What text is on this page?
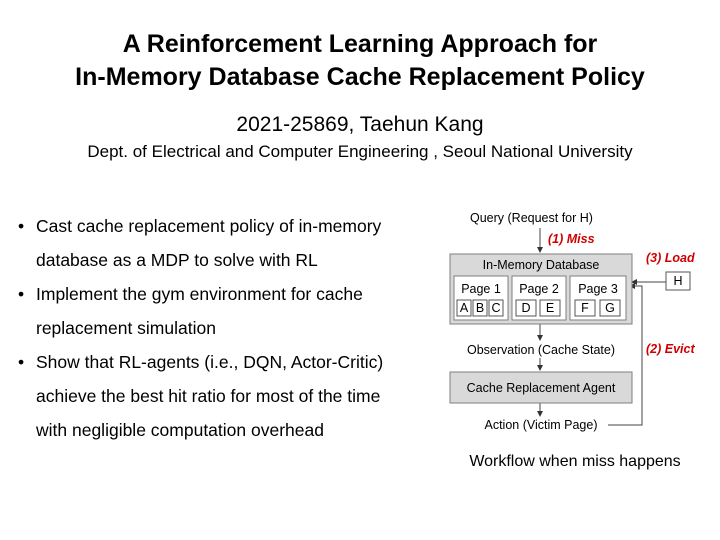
A Reinforcement Learning Approach for
In-Memory Database Cache Replacement Policy
2021-25869, Taehun Kang
Dept. of Electrical and Computer Engineering , Seoul National University
• Cast cache replacement policy of in-memory
database as a MDP to solve with RL
• Implement the gym environment for cache
replacement simulation
• Show that RL-agents (i.e., DQN, Actor-Critic)
achieve the best hit ratio for most of the time
with negligible computation overhead
Query (Request for H)
(1) Miss
(3) Load
(2) Evict
In-Memory Database
Page 1	Page 2	Page 3
A B C	D	E	F	G
H
Observation (Cache State)
Cache Replacement Agent
Action (Victim Page)
Workflow when miss happens
